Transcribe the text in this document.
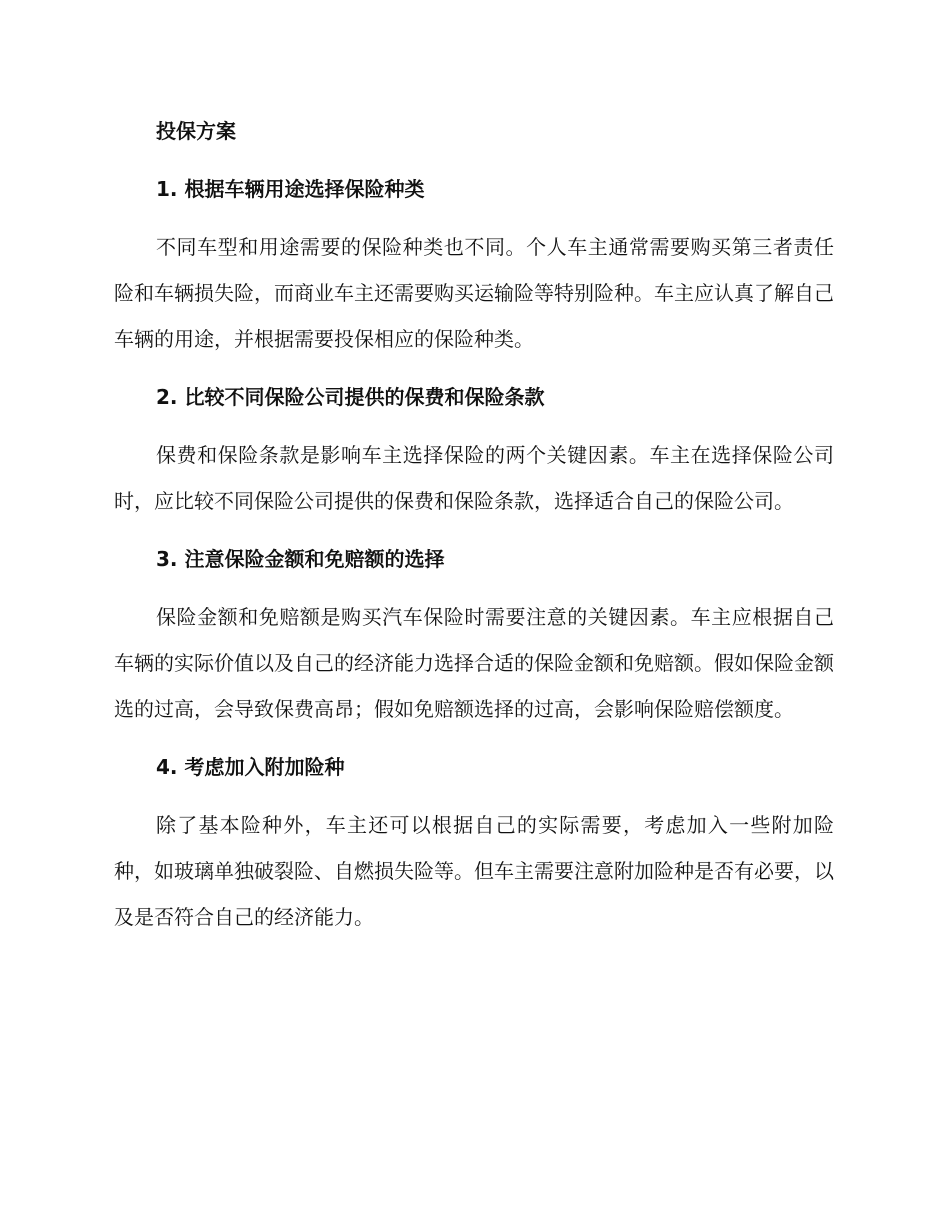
投保方案
1. 根据车辆用途选择保险种类

不同车型和用途需要的保险种类也不同。个人车主通常需要购买第三者责任险和车辆损失险，而商业车主还需要购买运输险等特别险种。车主应认真了解自己车辆的用途，并根据需要投保相应的保险种类。

2. 比较不同保险公司提供的保费和保险条款

保费和保险条款是影响车主选择保险的两个关键因素。车主在选择保险公司时，应比较不同保险公司提供的保费和保险条款，选择适合自己的保险公司。

3. 注意保险金额和免赔额的选择

保险金额和免赔额是购买汽车保险时需要注意的关键因素。车主应根据自己车辆的实际价值以及自己的经济能力选择合适的保险金额和免赔额。假如保险金额选的过高，会导致保费高昂；假如免赔额选择的过高，会影响保险赔偿额度。

4. 考虑加入附加险种

除了基本险种外，车主还可以根据自己的实际需要，考虑加入一些附加险种，如玻璃单独破裂险、自燃损失险等。但车主需要注意附加险种是否有必要，以及是否符合自己的经济能力。
